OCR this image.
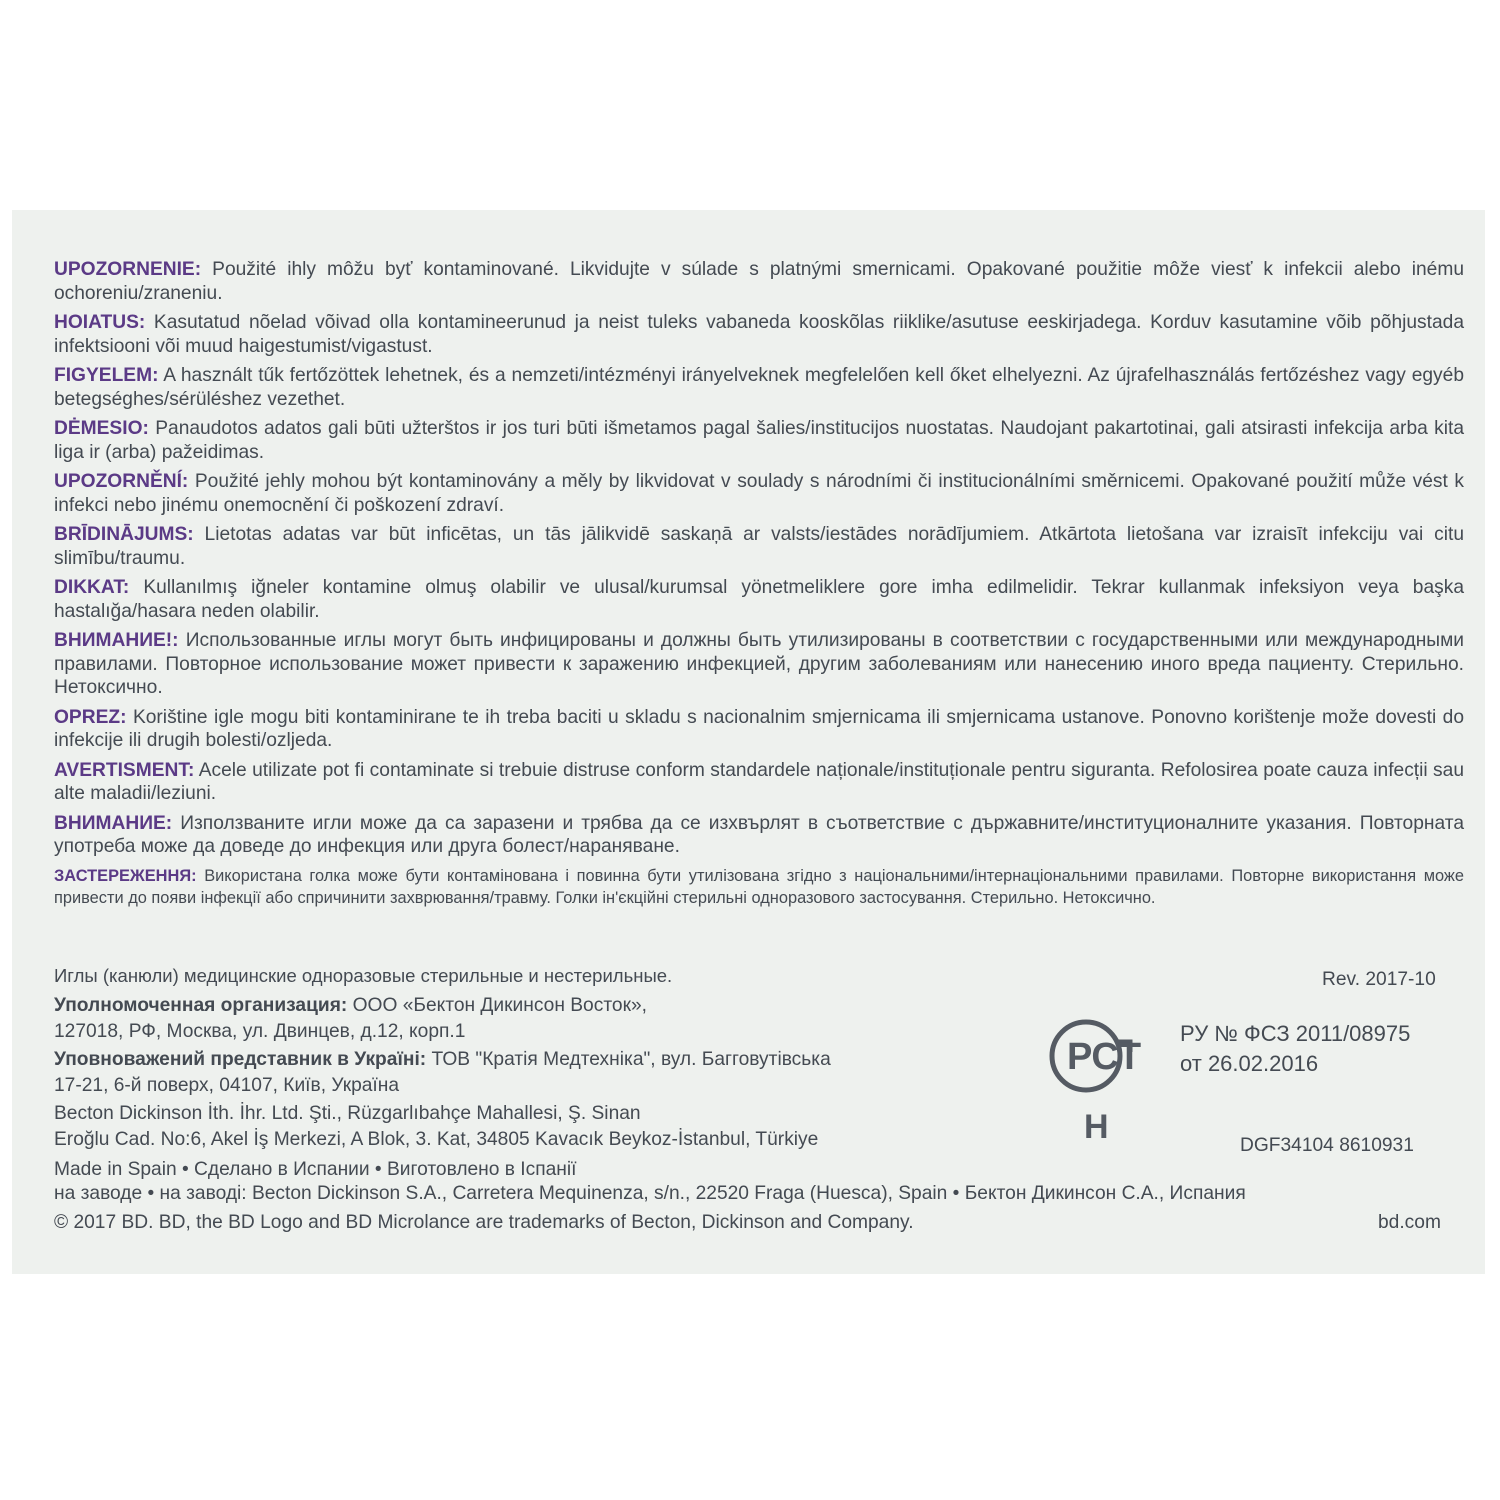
UPOZORNENIE: Použité ihly môžu byť kontaminované. Likvidujte v súlade s platnými smernicami. Opakované použitie môže viesť k infekcii alebo inému ochoreniu/zraneniu.
HOIATUS: Kasutatud nõelad võivad olla kontamineerunud ja neist tuleks vabaneda kooskõlas riiklike/asutuse eeskirjadega. Korduv kasutamine võib põhjustada infektsiooni või muud haigestumist/vigastust.
FIGYELEM: A használt tűk fertőzöttek lehetnek, és a nemzeti/intézményi irányelveknek megfelelően kell őket elhelyezni. Az újrafelhasználás fertőzéshez vagy egyéb betegséghes/sérüléshez vezethet.
DĖMESIO: Panaudotos adatos gali būti užterštos ir jos turi būti išmetamos pagal šalies/institucijos nuostatas. Naudojant pakartotinai, gali atsirasti infekcija arba kita liga ir (arba) pažeidimas.
UPOZORNĚNÍ: Použité jehly mohou být kontaminovány a měly by likvidovat v soulady s národními či institucionálními směrnicemi. Opakované použití může vést k infekci nebo jinému onemocnění či poškození zdraví.
BRĪDINĀJUMS: Lietotas adatas var būt inficētas, un tās jālikvidē saskaņā ar valsts/iestādes norādījumiem. Atkārtota lietošana var izraisīt infekciju vai citu slimību/traumu.
DIKKAT: Kullanılmış iğneler kontamine olmuş olabilir ve ulusal/kurumsal yönetmeliklere gore imha edilmelidir. Tekrar kullanmak infeksiyon veya başka hastalığa/hasara neden olabilir.
ВНИМАНИЕ!: Использованные иглы могут быть инфицированы и должны быть утилизированы в соответствии с государственными или международными правилами. Повторное использование может привести к заражению инфекцией, другим заболеваниям или нанесению иного вреда пациенту. Стерильно. Нетоксично.
OPREZ: Korištine igle mogu biti kontaminirane te ih treba baciti u skladu s nacionalnim smjernicama ili smjernicama ustanove. Ponovno korištenje može dovesti do infekcije ili drugih bolesti/ozljeda.
AVERTISMENT: Acele utilizate pot fi contaminate si trebuie distruse conform standardele naționale/instituționale pentru siguranta. Refolosirea poate cauza infecții sau alte maladii/leziuni.
ВНИМАНИЕ: Използваните игли може да са заразени и трябва да се изхвърлят в съответствие с държавните/институционалните указания. Повторната употреба може да доведе до инфекция или друга болест/нараняване.
ЗАСТЕРЕЖЕННЯ: Використана голка може бути контамінована і повинна бути утилізована згідно з національними/інтернаціональними правилами. Повторне використання може привести до появи інфекції або спричинити захврювання/травму. Голки ін'єкційні стерильні одноразового застосування. Стерильно. Нетоксично.
Иглы (канюли) медицинские одноразовые стерильные и нестерильные.	Rev. 2017-10
Уполномоченная организация: ООО «Бектон Дикинсон Восток»,
127018, РФ, Москва, ул. Двинцев, д.12, корп.1
Уповноважений представник в Україні: ТОВ "Кратія Медтехніка", вул. Багговутівська
17-21, 6-й поверх, 04107, Київ, Україна
Becton Dickinson İth. İhr. Ltd. Şti., Rüzgarlıbahçe Mahallesi, Ş. Sinan
Eroğlu Cad. No:6, Akel İş Merkezi, A Blok, 3. Kat, 34805 Kavacık Beykoz-İstanbul, Türkiye
РСТ
H
РУ № ФСЗ 2011/08975
от 26.02.2016
DGF34104 8610931
Made in Spain • Сделано в Испании • Виготовлено в Іспанії
на заводе • на заводі: Becton Dickinson S.A., Carretera Mequinenza, s/n., 22520 Fraga (Huesca), Spain • Бектон Дикинсон С.А., Испания
© 2017 BD. BD, the BD Logo and BD Microlance are trademarks of Becton, Dickinson and Company.	bd.com
